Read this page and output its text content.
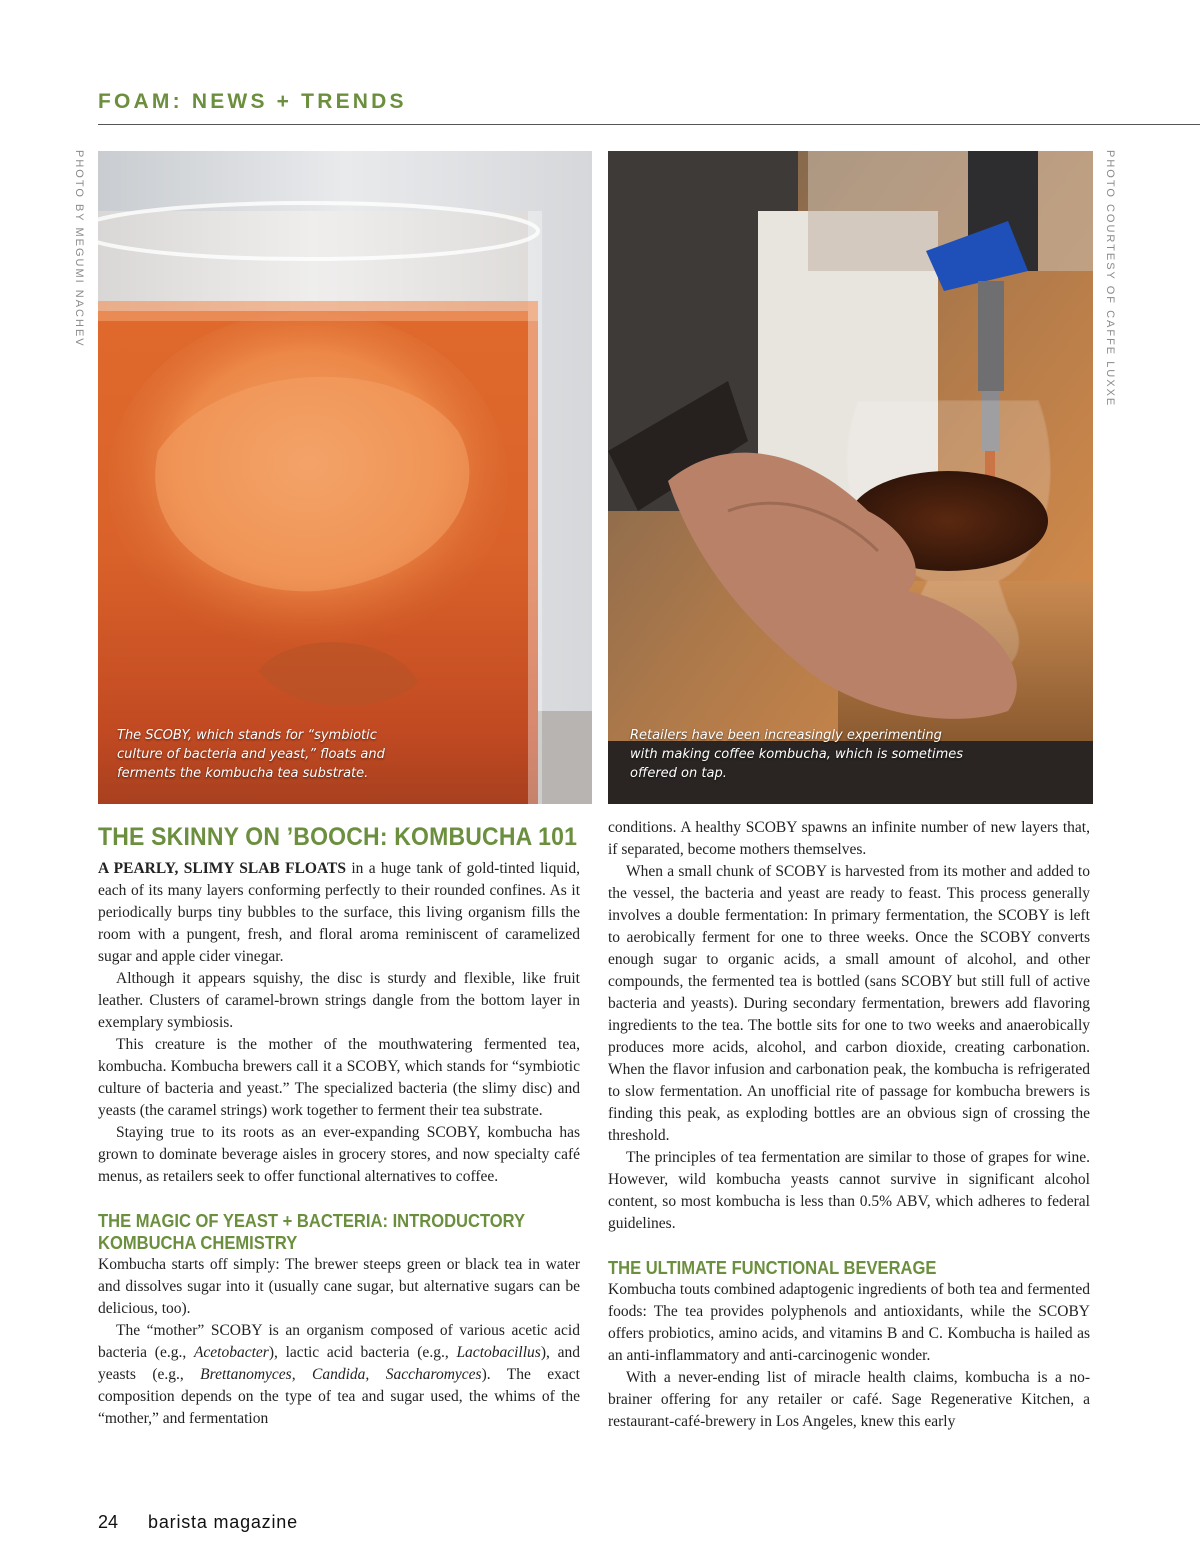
FOAM: NEWS + TRENDS
PHOTO BY MEGUMI NACHEV	PHOTO COURTESY OF CAFFE LUXXE
The SCOBY, which stands for “symbiotic culture of bacteria and yeast,” floats and ferments the kombucha tea substrate.
Retailers have been increasingly experimenting with making coffee kombucha, which is sometimes offered on tap.
THE SKINNY ON ’BOOCH: KOMBUCHA 101

A PEARLY, SLIMY SLAB FLOATS in a huge tank of gold-tinted liquid, each of its many layers conforming perfectly to their rounded confines. As it periodically burps tiny bubbles to the surface, this living organism fills the room with a pungent, fresh, and floral aroma reminiscent of caramelized sugar and apple cider vinegar.

Although it appears squishy, the disc is sturdy and flexible, like fruit leather. Clusters of caramel-brown strings dangle from the bottom layer in exemplary symbiosis.

This creature is the mother of the mouthwatering fermented tea, kombucha. Kombucha brewers call it a SCOBY, which stands for “symbiotic culture of bacteria and yeast.” The specialized bacteria (the slimy disc) and yeasts (the caramel strings) work together to ferment their tea substrate.

Staying true to its roots as an ever-expanding SCOBY, kombucha has grown to dominate beverage aisles in grocery stores, and now specialty café menus, as retailers seek to offer functional alternatives to coffee.

THE MAGIC OF YEAST + BACTERIA: INTRODUCTORY KOMBUCHA CHEMISTRY

Kombucha starts off simply: The brewer steeps green or black tea in water and dissolves sugar into it (usually cane sugar, but alternative sugars can be delicious, too).

The “mother” SCOBY is an organism composed of various acetic acid bacteria (e.g., Acetobacter), lactic acid bacteria (e.g., Lactobacillus), and yeasts (e.g., Brettanomyces, Candida, Saccharomyces). The exact composition depends on the type of tea and sugar used, the whims of the “mother,” and fermentation

conditions. A healthy SCOBY spawns an infinite number of new layers that, if separated, become mothers themselves.

When a small chunk of SCOBY is harvested from its mother and added to the vessel, the bacteria and yeast are ready to feast. This process generally involves a double fermentation: In primary fermentation, the SCOBY is left to aerobically ferment for one to three weeks. Once the SCOBY converts enough sugar to organic acids, a small amount of alcohol, and other compounds, the fermented tea is bottled (sans SCOBY but still full of active bacteria and yeasts). During secondary fermentation, brewers add flavoring ingredients to the tea. The bottle sits for one to two weeks and anaerobically produces more acids, alcohol, and carbon dioxide, creating carbonation. When the flavor infusion and carbonation peak, the kombucha is refrigerated to slow fermentation. An unofficial rite of passage for kombucha brewers is finding this peak, as exploding bottles are an obvious sign of crossing the threshold.

The principles of tea fermentation are similar to those of grapes for wine. However, wild kombucha yeasts cannot survive in significant alcohol content, so most kombucha is less than 0.5% ABV, which adheres to federal guidelines.

THE ULTIMATE FUNCTIONAL BEVERAGE

Kombucha touts combined adaptogenic ingredients of both tea and fermented foods: The tea provides polyphenols and antioxidants, while the SCOBY offers probiotics, amino acids, and vitamins B and C. Kombucha is hailed as an anti-inflammatory and anti-carcinogenic wonder.

With a never-ending list of miracle health claims, kombucha is a no-brainer offering for any retailer or café. Sage Regenerative Kitchen, a restaurant-café-brewery in Los Angeles, knew this early

24 barista magazine
